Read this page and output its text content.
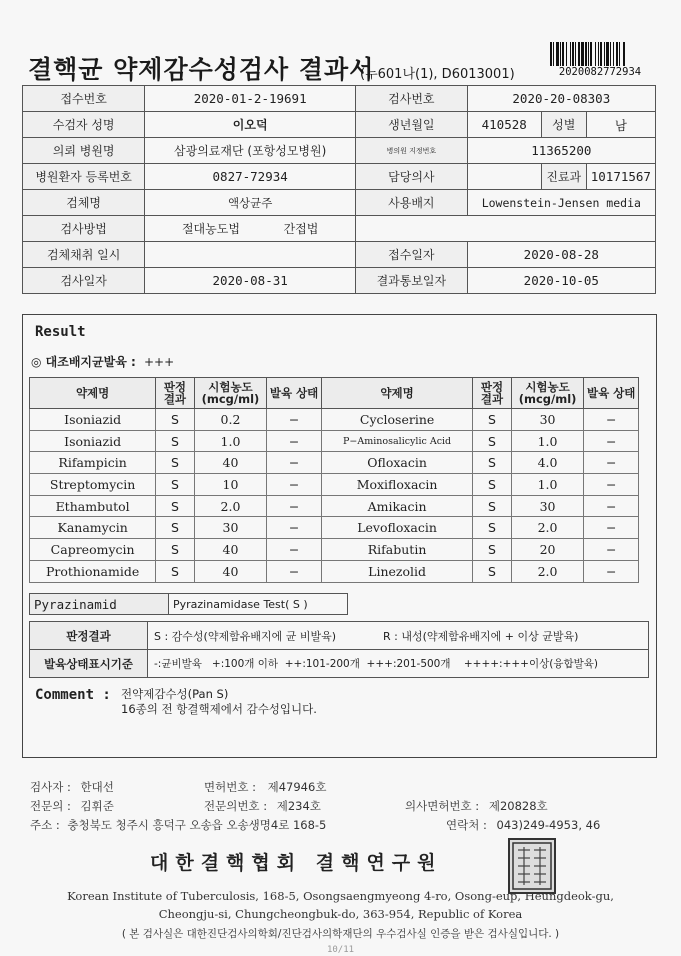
결핵균 약제감수성검사 결과서
(누601나(1), D6013001)	2020082772934
접수번호	2020-01-2-19691	검사번호	2020-20-08303		
수검자 성명	이오덕	생년월일	410528	성별	남
의뢰 병원명	삼광의료재단 (포항성모병원)	병의원 지정번호	11365200		
병원환자 등록번호	0827-72934	담당의사		진료과	10171567
검체명	액상균주	사용배지	Lowenstein-Jensen media		
검사방법	절대농도법 간접법				
검체채취 일시		접수일자	2020-08-28		
검사일자	2020-08-31	결과통보일자	2020-10-05		
Result
◎ 대조배지균발육 : +++
약제명	판정 결과	시험농도 (mcg/ml)	발육 상태	약제명	판정 결과	시험농도 (mcg/ml)	발육 상태
Isoniazid	S	0.2	−	Cycloserine	S	30	−
Isoniazid	S	1.0	−	P−Aminosalicylic Acid	S	1.0	−
Rifampicin	S	40	−	Ofloxacin	S	4.0	−
Streptomycin	S	10	−	Moxifloxacin	S	1.0	−
Ethambutol	S	2.0	−	Amikacin	S	30	−
Kanamycin	S	30	−	Levofloxacin	S	2.0	−
Capreomycin	S	40	−	Rifabutin	S	20	−
Prothionamide	S	40	−	Linezolid	S	2.0	−
Pyrazinamid	Pyrazinamidase Test( S )
판정결과	S : 감수성(약제함유배지에 균 비발육) R : 내성(약제함유배지에 + 이상 균발육)
발육상태표시기준	-:균비발육   +:100개 이하  ++:101-200개  +++:201-500개    ++++:+++이상(융합발육)
Comment : 전약제감수성(Pan S)
16종의 전 항결핵제에서 감수성입니다.
검사자 : 한대선	면허번호 : 제47946호
전문의 : 김휘준	전문의번호 : 제234호	의사면허번호 : 제20828호
주소 : 충청북도 청주시 흥덕구 오송읍 오송생명4로 168-5	연락처 : 043)249-4953, 46
대한결핵협회 결핵연구원
Korean Institute of Tuberculosis, 168-5, Osongsaengmyeong 4-ro, Osong-eup, Heungdeok-gu,
Cheongju-si, Chungcheongbuk-do, 363-954, Republic of Korea
( 본 검사실은 대한진단검사의학회/진단검사의학재단의 우수검사실 인증을 받은 검사실입니다. )
10/11
